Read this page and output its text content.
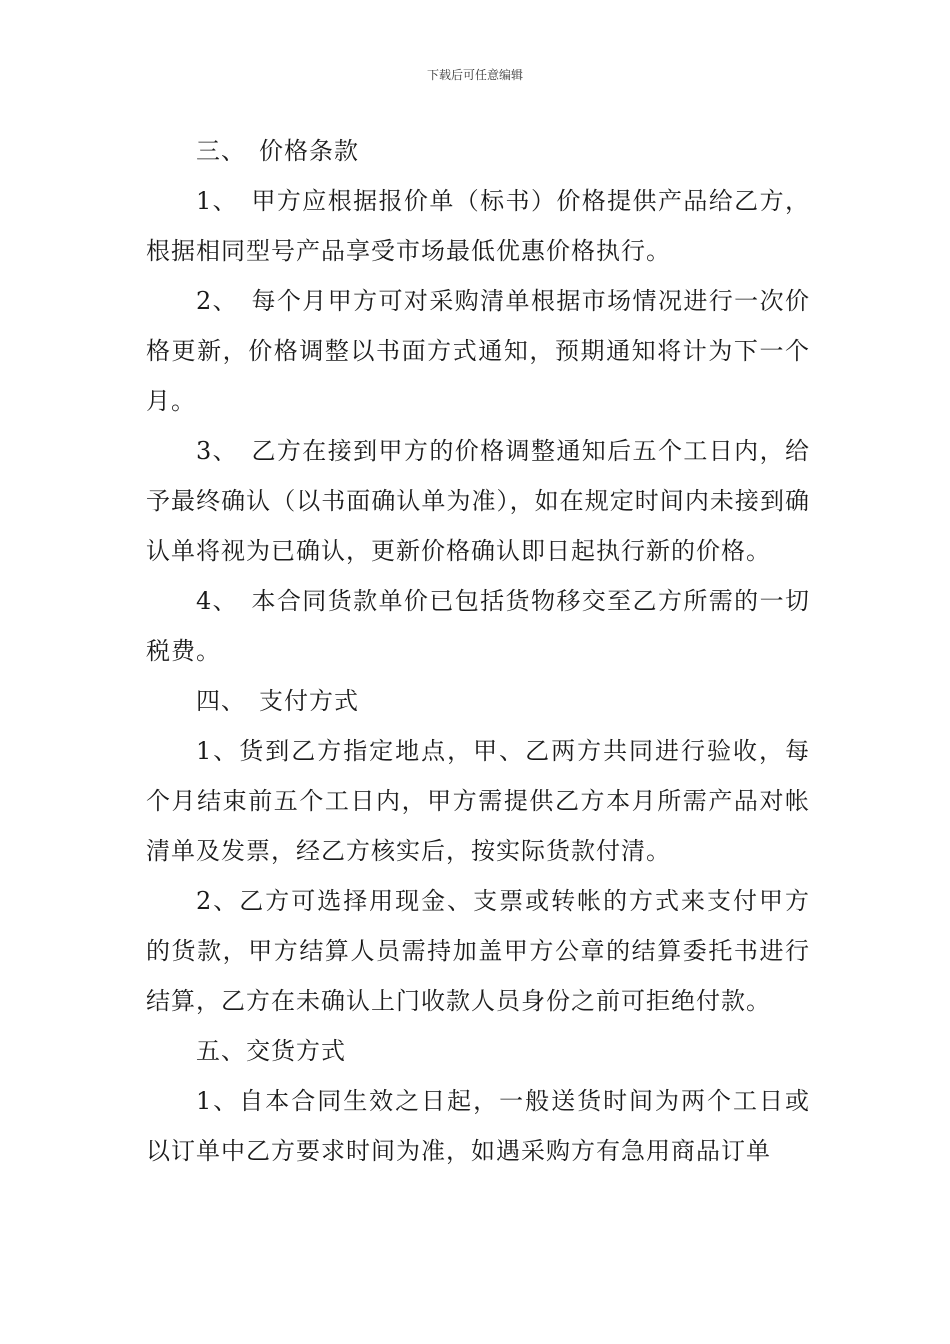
下载后可任意编辑

三、　价格条款

1、　甲方应根据报价单（标书）价格提供产品给乙方，根据相同型号产品享受市场最低优惠价格执行。

2、　每个月甲方可对采购清单根据市场情况进行一次价格更新，价格调整以书面方式通知，预期通知将计为下一个月。

3、　乙方在接到甲方的价格调整通知后五个工日内，给予最终确认（以书面确认单为准），如在规定时间内未接到确认单将视为已确认，更新价格确认即日起执行新的价格。

4、　本合同货款单价已包括货物移交至乙方所需的一切税费。

四、　支付方式

1、货到乙方指定地点，甲、乙两方共同进行验收，每个月结束前五个工日内，甲方需提供乙方本月所需产品对帐清单及发票，经乙方核实后，按实际货款付清。

2、乙方可选择用现金、支票或转帐的方式来支付甲方的货款，甲方结算人员需持加盖甲方公章的结算委托书进行结算，乙方在未确认上门收款人员身份之前可拒绝付款。

五、交货方式

1、自本合同生效之日起，一般送货时间为两个工日或以订单中乙方要求时间为准，如遇采购方有急用商品订单
